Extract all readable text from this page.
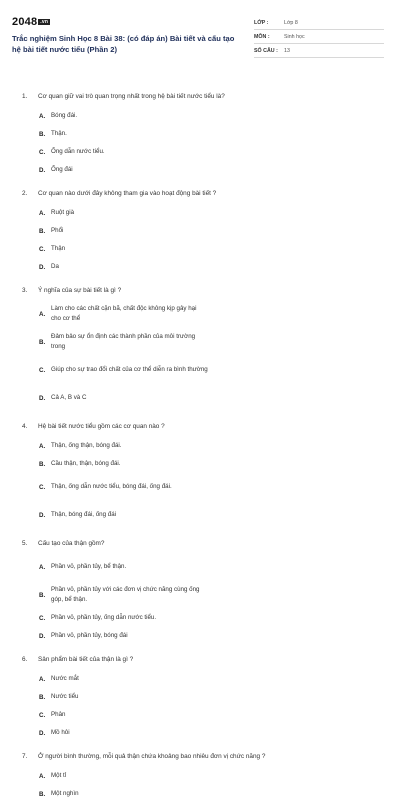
2048 .vn
Trắc nghiệm Sinh Học 8 Bài 38: (có đáp án) Bài tiết và cấu tạo hệ bài tiết nước tiểu (Phần 2)
LỚP :	Lớp 8
MÔN :	Sinh học
SỐ CÂU :	13
1.	Cơ quan giữ vai trò quan trọng nhất trong hệ bài tiết nước tiểu là?
A. Bóng đái.
B. Thận.
C. Ống dẫn nước tiểu.
D. Ống đái
2.	Cơ quan nào dưới đây không tham gia vào hoạt động bài tiết ?
A. Ruột già
B. Phổi
C. Thận
D. Da
3.	Ý nghĩa của sự bài tiết là gì ?
A.
Làm cho các chất cặn bã, chất độc không kịp gây hại cho cơ thể
B.
Đảm bảo sự ổn định các thành phần của môi trường trong
C. Giúp cho sự trao đổi chất của cơ thể diễn ra bình thường
D. Cả A, B và C
4.	Hệ bài tiết nước tiểu gồm các cơ quan nào ?
A. Thận, ống thận, bóng đái.
B. Cầu thận, thận, bóng đái.
C. Thận, ống dẫn nước tiểu, bóng đái, ống đái.
D. Thận, bóng đái, ống đái
5.	Cấu tạo của thận gồm?
A. Phần vỏ, phần tủy, bể thận.
B.
Phần vỏ, phần tủy với các đơn vị chức năng cùng ống góp, bể thận.
C. Phần vỏ, phần tủy, ống dẫn nước tiểu.
D. Phần vỏ, phần tủy, bóng đái
6.	Sản phẩm bài tiết của thận là gì ?
A. Nước mắt
B. Nước tiểu
C. Phân
D. Mồ hôi
7.	Ở người bình thường, mỗi quả thận chứa khoảng bao nhiêu đơn vị chức năng ?
A. Một tỉ
B. Một nghìn
